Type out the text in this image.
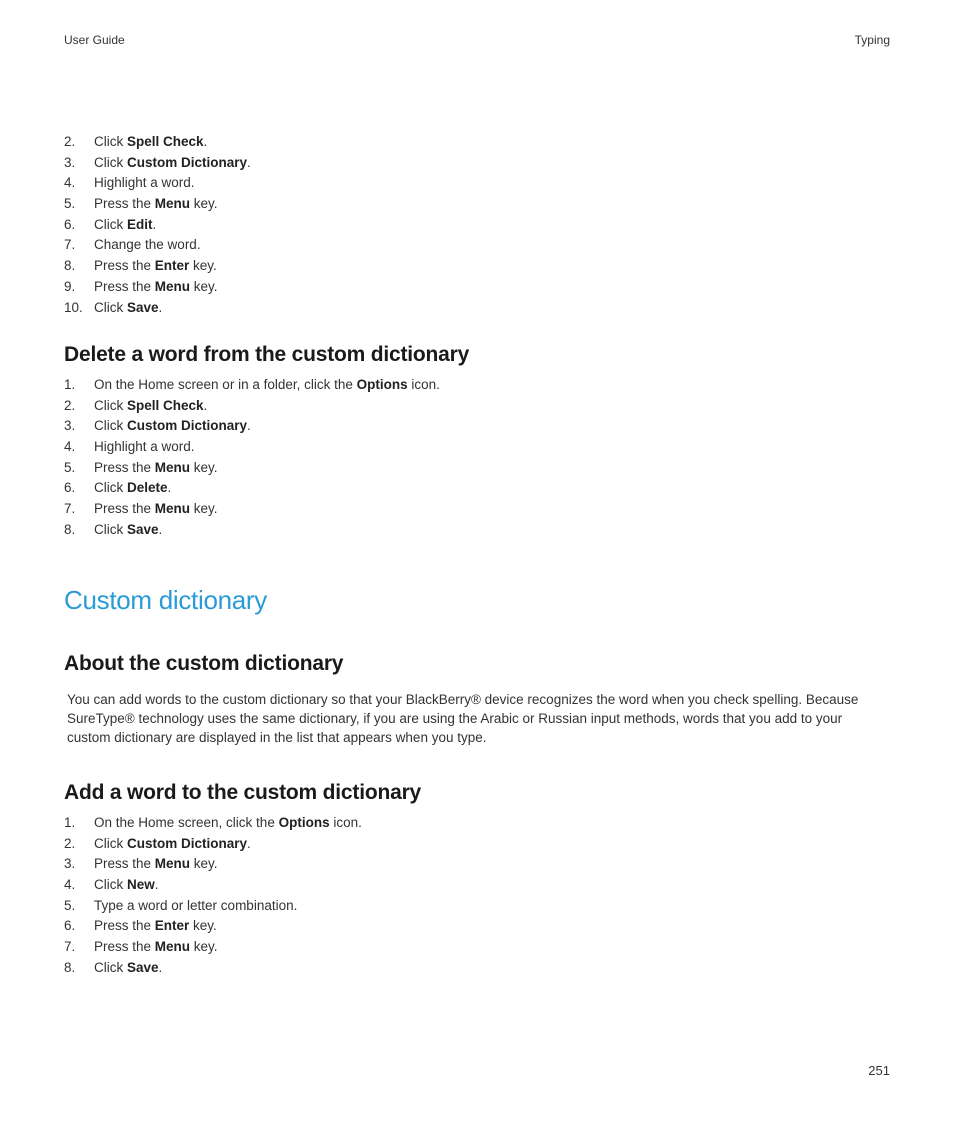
User Guide	Typing
2. Click Spell Check.
3. Click Custom Dictionary.
4. Highlight a word.
5. Press the Menu key.
6. Click Edit.
7. Change the word.
8. Press the Enter key.
9. Press the Menu key.
10. Click Save.
Delete a word from the custom dictionary
1. On the Home screen or in a folder, click the Options icon.
2. Click Spell Check.
3. Click Custom Dictionary.
4. Highlight a word.
5. Press the Menu key.
6. Click Delete.
7. Press the Menu key.
8. Click Save.
Custom dictionary
About the custom dictionary

You can add words to the custom dictionary so that your BlackBerry® device recognizes the word when you check spelling. Because SureType® technology uses the same dictionary, if you are using the Arabic or Russian input methods, words that you add to your custom dictionary are displayed in the list that appears when you type.

Add a word to the custom dictionary
1. On the Home screen, click the Options icon.
2. Click Custom Dictionary.
3. Press the Menu key.
4. Click New.
5. Type a word or letter combination.
6. Press the Enter key.
7. Press the Menu key.
8. Click Save.
251
